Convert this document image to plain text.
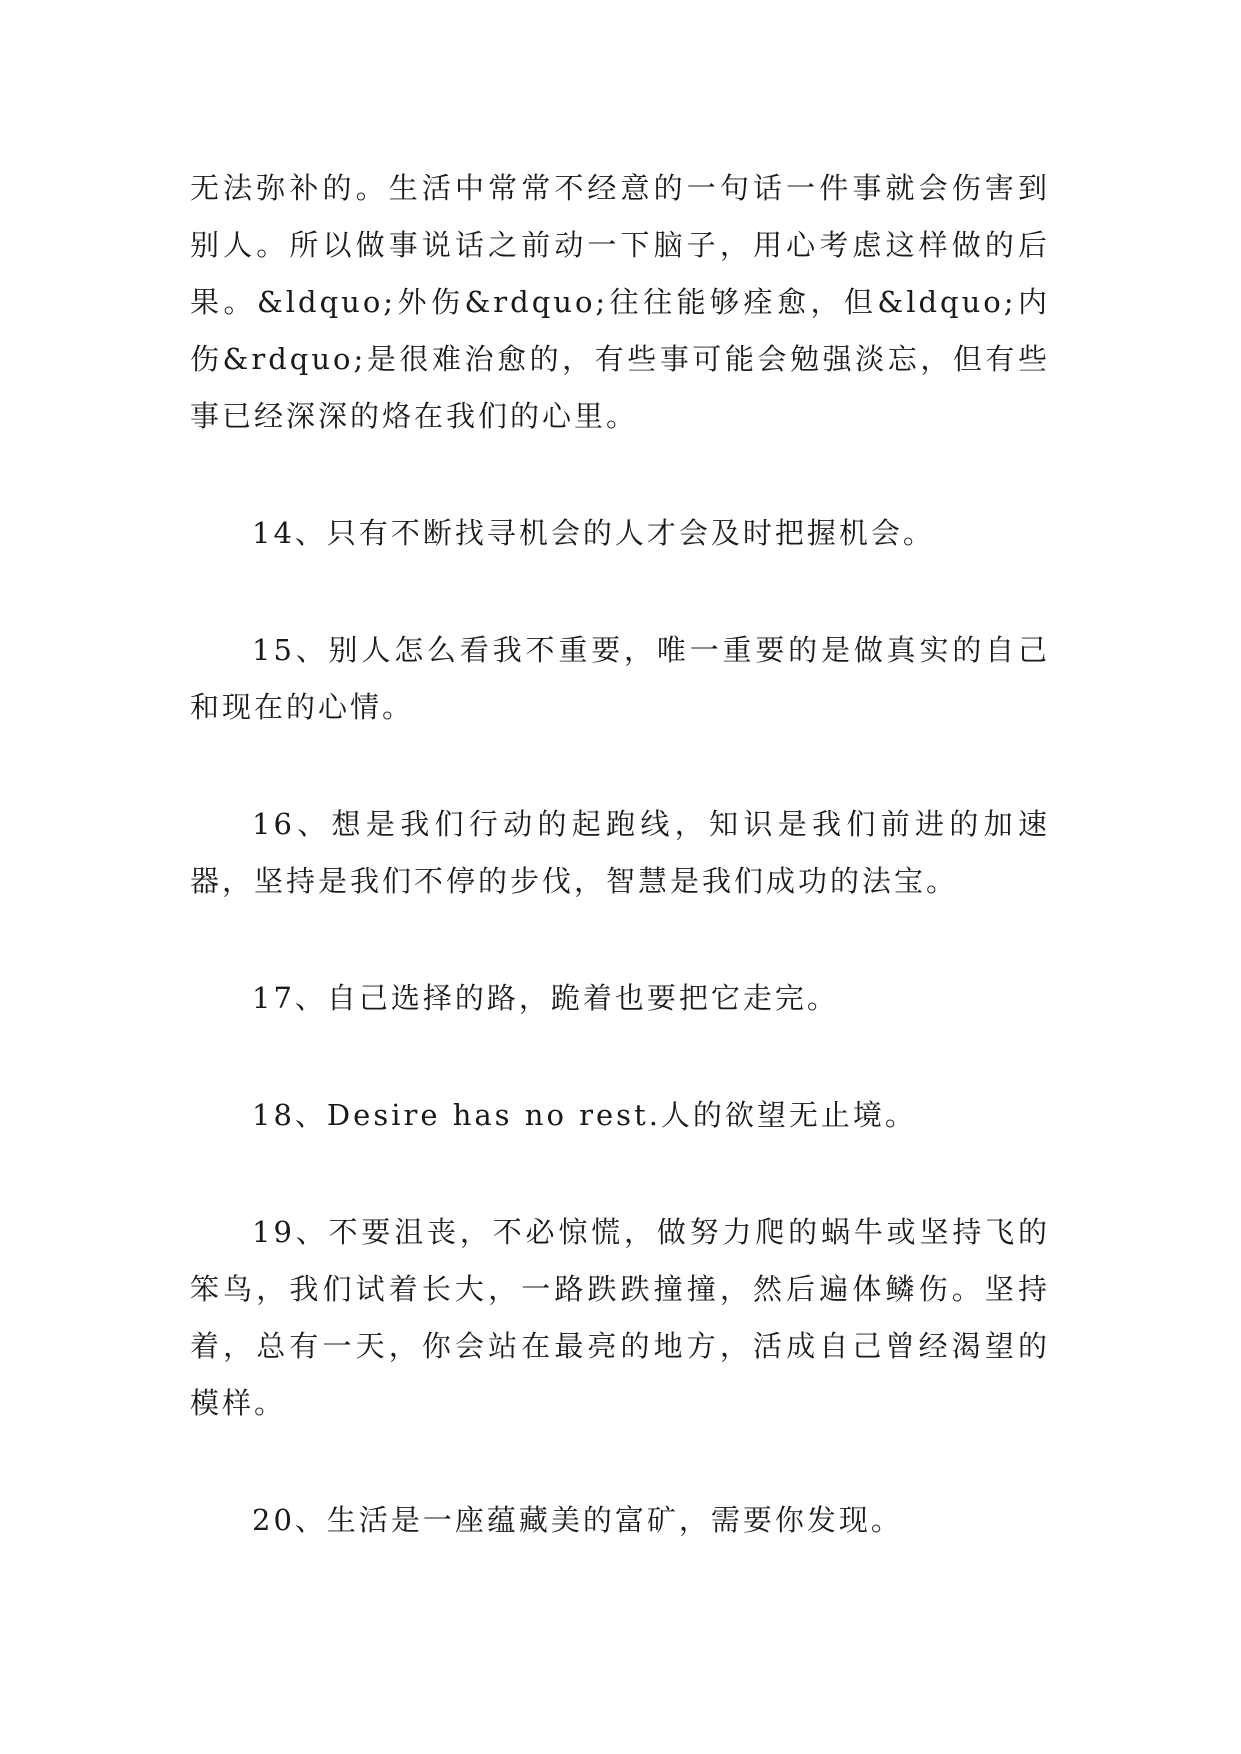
无法弥补的。生活中常常不经意的一句话一件事就会伤害到别人。所以做事说话之前动一下脑子，用心考虑这样做的后果。&ldquo;外伤&rdquo;往往能够痊愈，但&ldquo;内伤&rdquo;是很难治愈的，有些事可能会勉强淡忘，但有些事已经深深的烙在我们的心里。

14、只有不断找寻机会的人才会及时把握机会。

15、别人怎么看我不重要，唯一重要的是做真实的自己和现在的心情。

16、想是我们行动的起跑线，知识是我们前进的加速器，坚持是我们不停的步伐，智慧是我们成功的法宝。

17、自己选择的路，跪着也要把它走完。

18、Desire has no rest.人的欲望无止境。

19、不要沮丧，不必惊慌，做努力爬的蜗牛或坚持飞的笨鸟，我们试着长大，一路跌跌撞撞，然后遍体鳞伤。坚持着，总有一天，你会站在最亮的地方，活成自己曾经渴望的模样。

20、生活是一座蕴藏美的富矿，需要你发现。
